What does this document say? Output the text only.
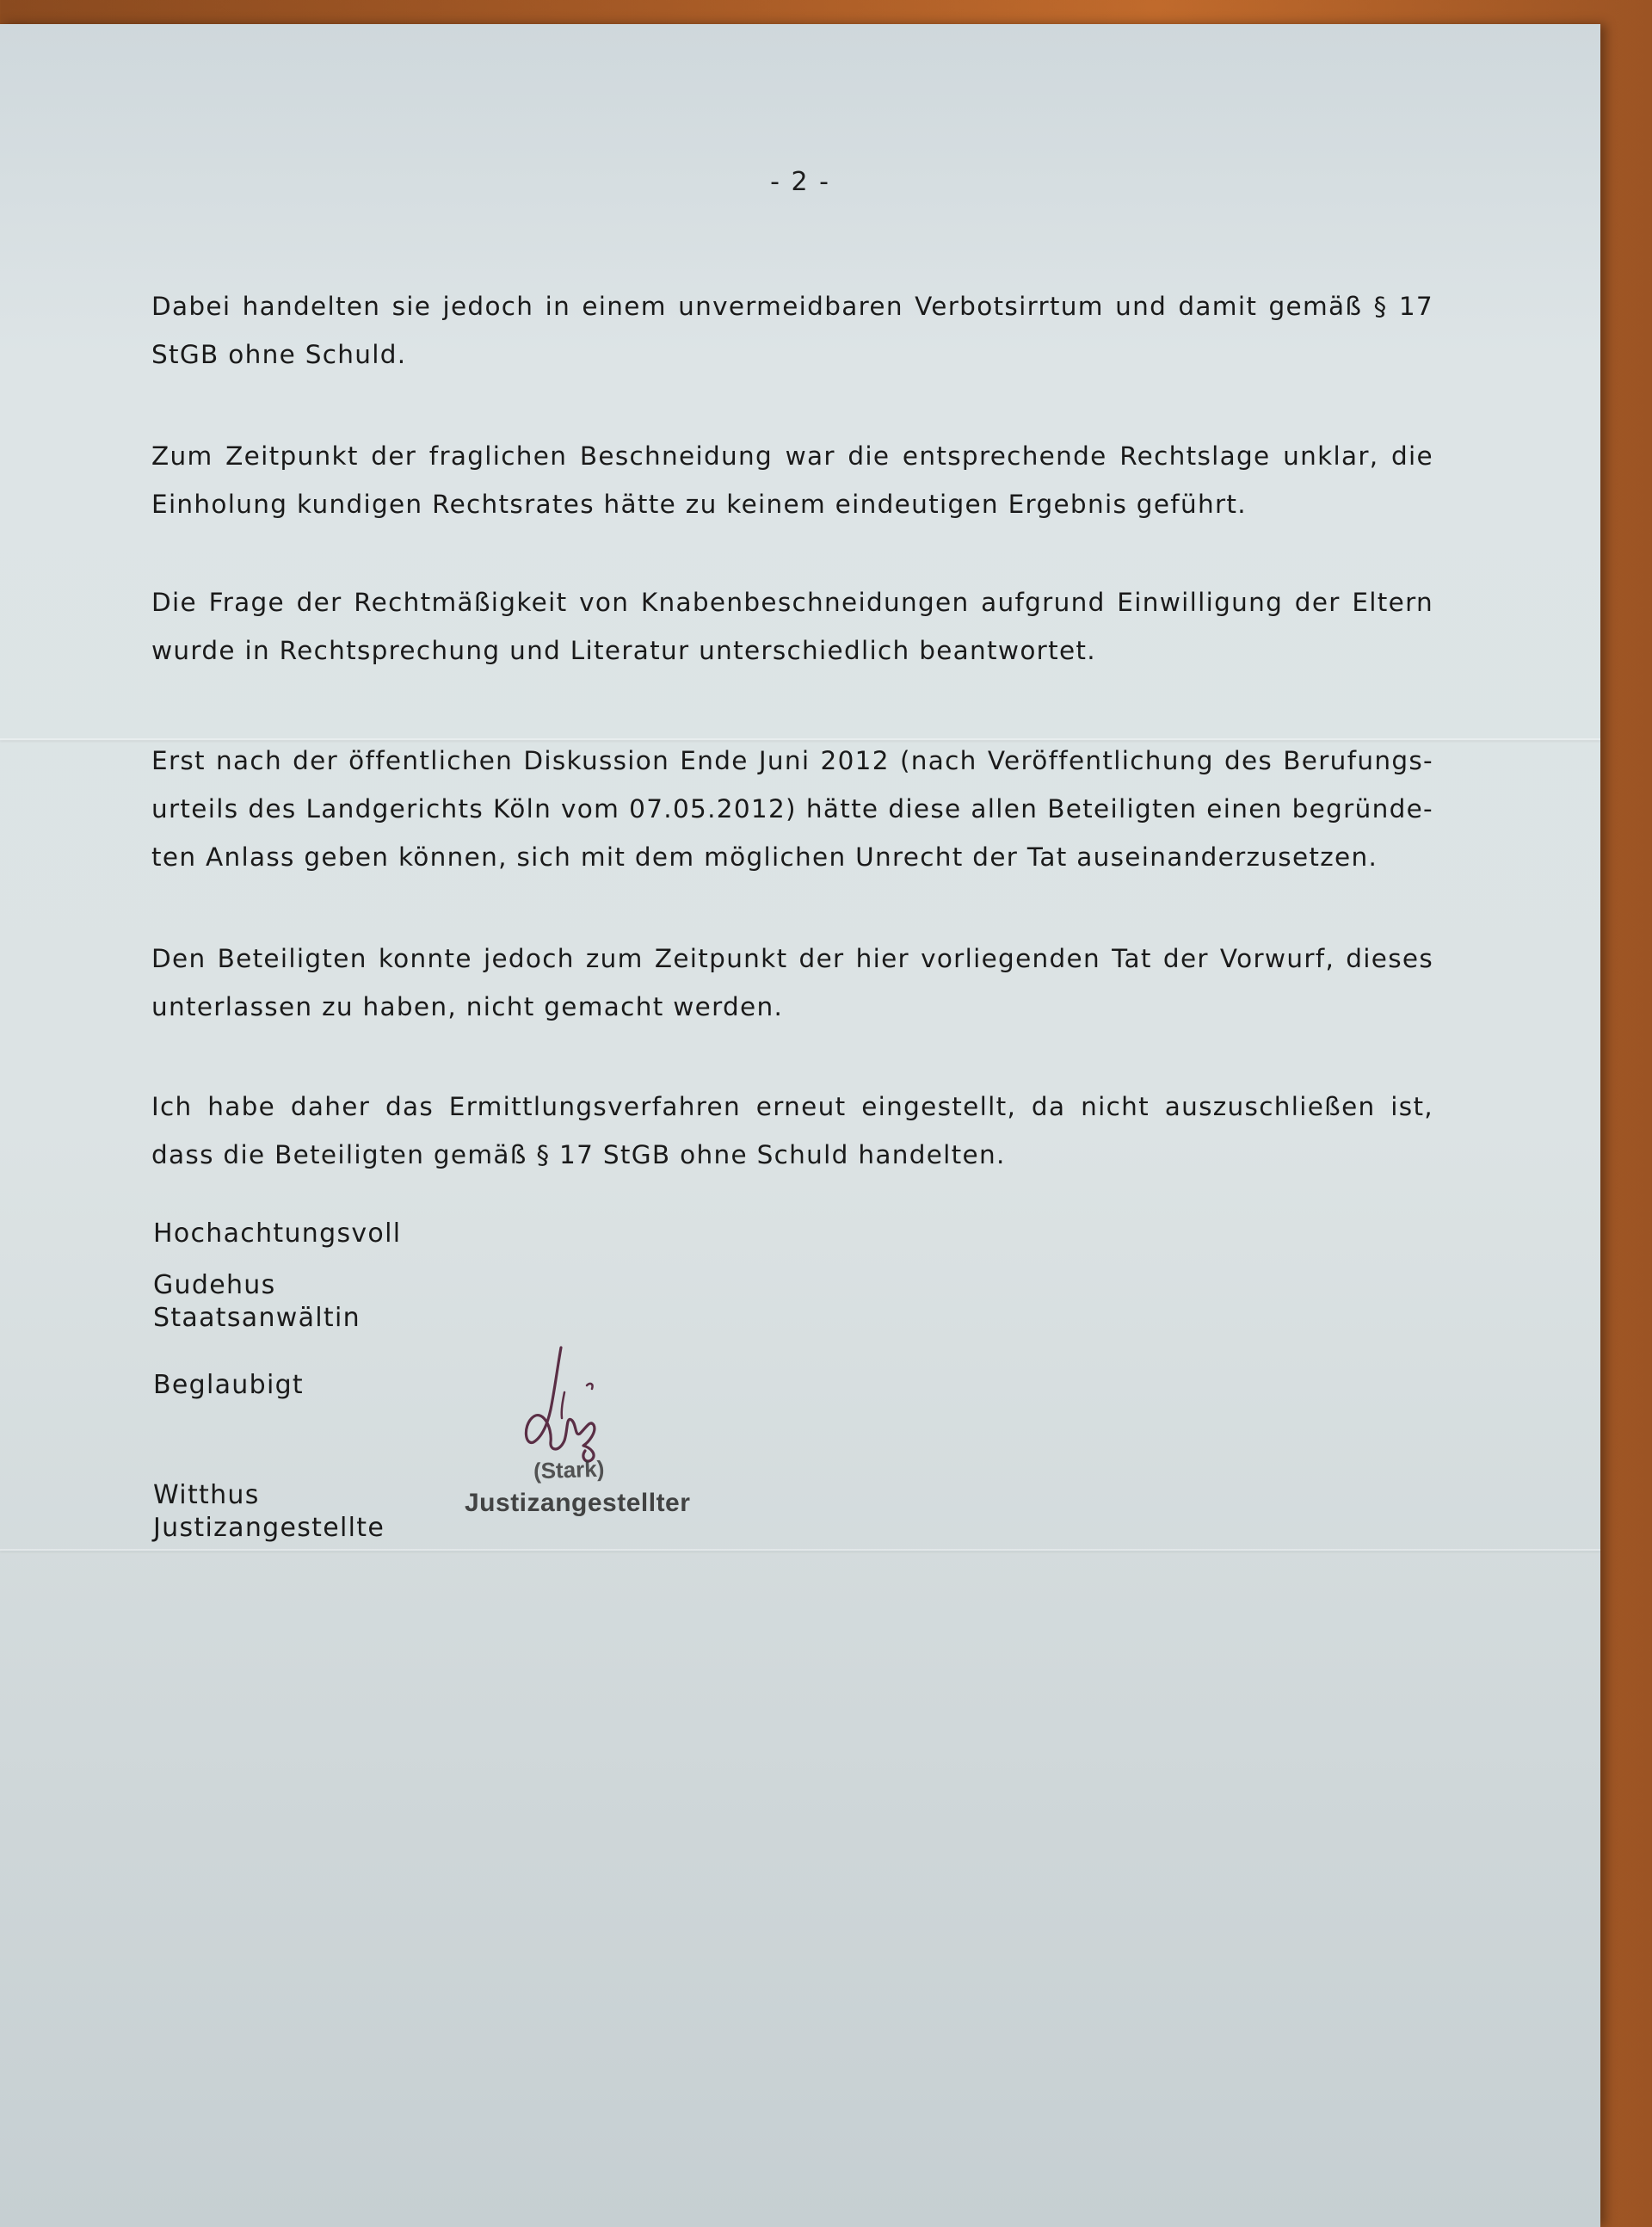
- 2 -

Dabei handelten sie jedoch in einem unvermeidbaren Verbotsirrtum und damit gemäß § 17 StGB ohne Schuld.

Zum Zeitpunkt der fraglichen Beschneidung war die entsprechende Rechtslage unklar, die Einholung kundigen Rechtsrates hätte zu keinem eindeutigen Ergebnis geführt.

Die Frage der Rechtmäßigkeit von Knabenbeschneidungen aufgrund Einwilligung der Eltern wurde in Rechtsprechung und Literatur unterschiedlich beantwortet.

Erst nach der öffentlichen Diskussion Ende Juni 2012 (nach Veröffentlichung des Berufungs-urteils des Landgerichts Köln vom 07.05.2012) hätte diese allen Beteiligten einen begründe-ten Anlass geben können, sich mit dem möglichen Unrecht der Tat auseinanderzusetzen.

Den Beteiligten konnte jedoch zum Zeitpunkt der hier vorliegenden Tat der Vorwurf, dieses unterlassen zu haben, nicht gemacht werden.

Ich habe daher das Ermittlungsverfahren erneut eingestellt, da nicht auszuschließen ist, dass die Beteiligten gemäß § 17 StGB ohne Schuld handelten.

Hochachtungsvoll

Gudehus

Staatsanwältin

Beglaubigt

Witthus

Justizangestellte

(Stark)
Justizangestellter
